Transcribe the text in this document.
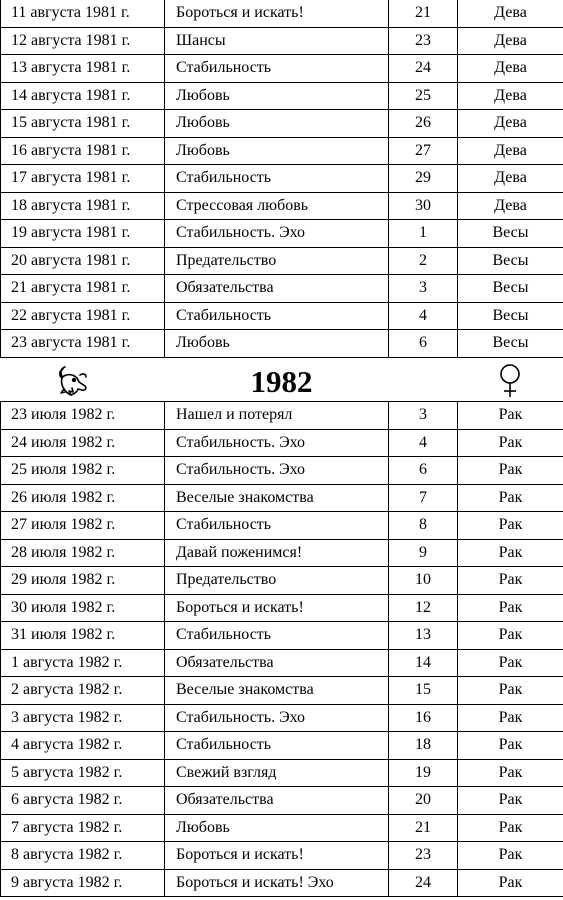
11 августа 1981 г.	Бороться и искать!	21	Дева
12 августа 1981 г.	Шансы	23	Дева
13 августа 1981 г.	Стабильность	24	Дева
14 августа 1981 г.	Любовь	25	Дева
15 августа 1981 г.	Любовь	26	Дева
16 августа 1981 г.	Любовь	27	Дева
17 августа 1981 г.	Стабильность	29	Дева
18 августа 1981 г.	Стрессовая любовь	30	Дева
19 августа 1981 г.	Стабильность. Эхо	1	Весы
20 августа 1981 г.	Предательство	2	Весы
21 августа 1981 г.	Обязательства	3	Весы
22 августа 1981 г.	Стабильность	4	Весы
23 августа 1981 г.	Любовь	6	Весы
1982
23 июля 1982 г.	Нашел и потерял	3	Рак
24 июля 1982 г.	Стабильность. Эхо	4	Рак
25 июля 1982 г.	Стабильность. Эхо	6	Рак
26 июля 1982 г.	Веселые знакомства	7	Рак
27 июля 1982 г.	Стабильность	8	Рак
28 июля 1982 г.	Давай поженимся!	9	Рак
29 июля 1982 г.	Предательство	10	Рак
30 июля 1982 г.	Бороться и искать!	12	Рак
31 июля 1982 г.	Стабильность	13	Рак
1 августа 1982 г.	Обязательства	14	Рак
2 августа 1982 г.	Веселые знакомства	15	Рак
3 августа 1982 г.	Стабильность. Эхо	16	Рак
4 августа 1982 г.	Стабильность	18	Рак
5 августа 1982 г.	Свежий взгляд	19	Рак
6 августа 1982 г.	Обязательства	20	Рак
7 августа 1982 г.	Любовь	21	Рак
8 августа 1982 г.	Бороться и искать!	23	Рак
9 августа 1982 г.	Бороться и искать! Эхо	24	Рак
